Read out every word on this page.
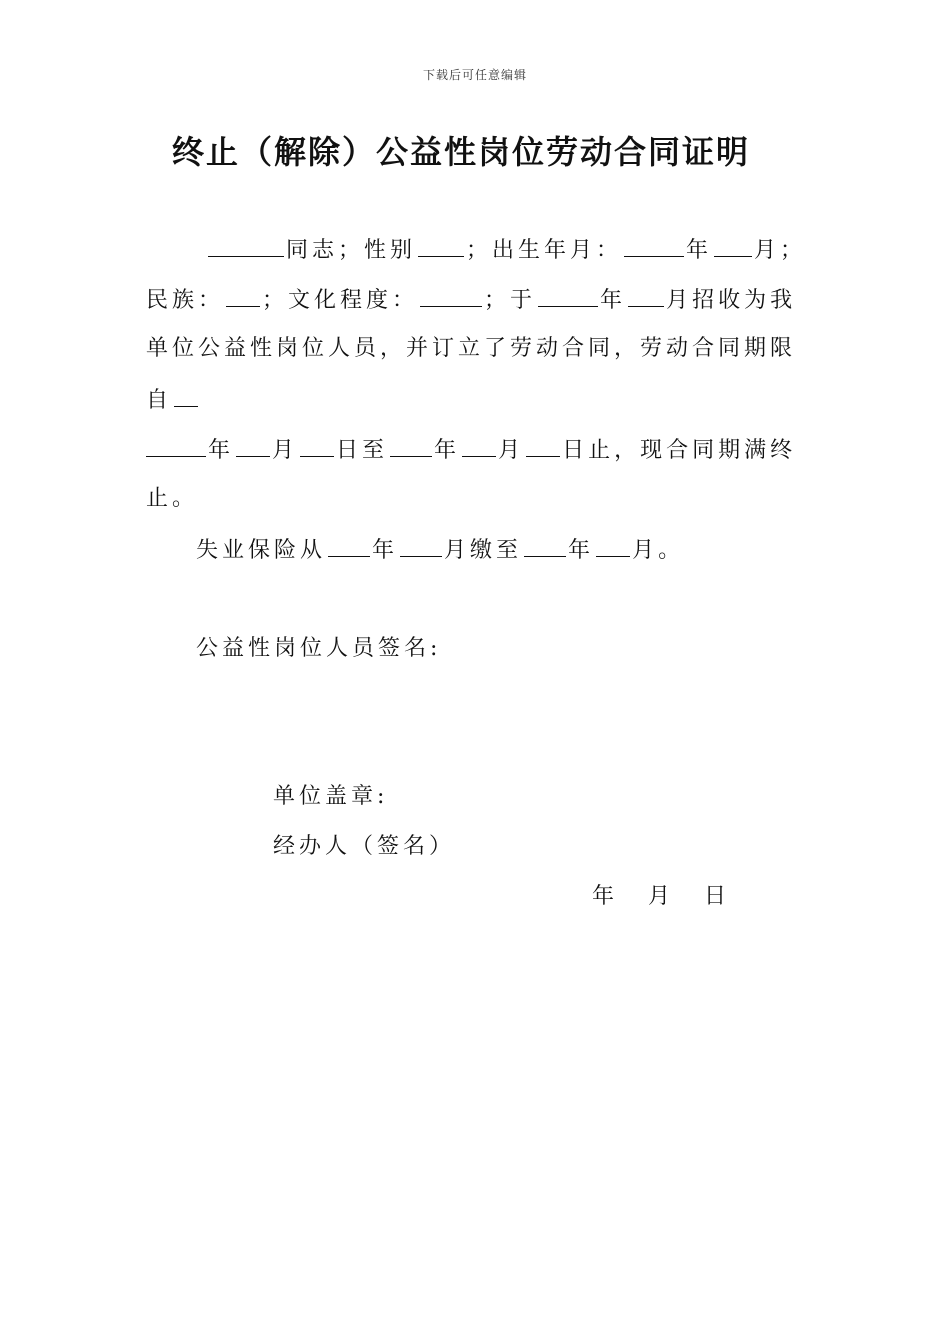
下载后可任意编辑
终止（解除）公益性岗位劳动合同证明
同志；性别 ；出生年月：	年 月；
民族： ；文化程度：	；于	年 月招收为我
单位公益性岗位人员，并订立了劳动合同，劳动合同期限
自
年 月 日至 年 月 日止，现合同期满终
止。
失业保险从 年 月缴至 年 月。
公益性岗位人员签名:
单位盖章:
经办人（签名）
年 月 日
